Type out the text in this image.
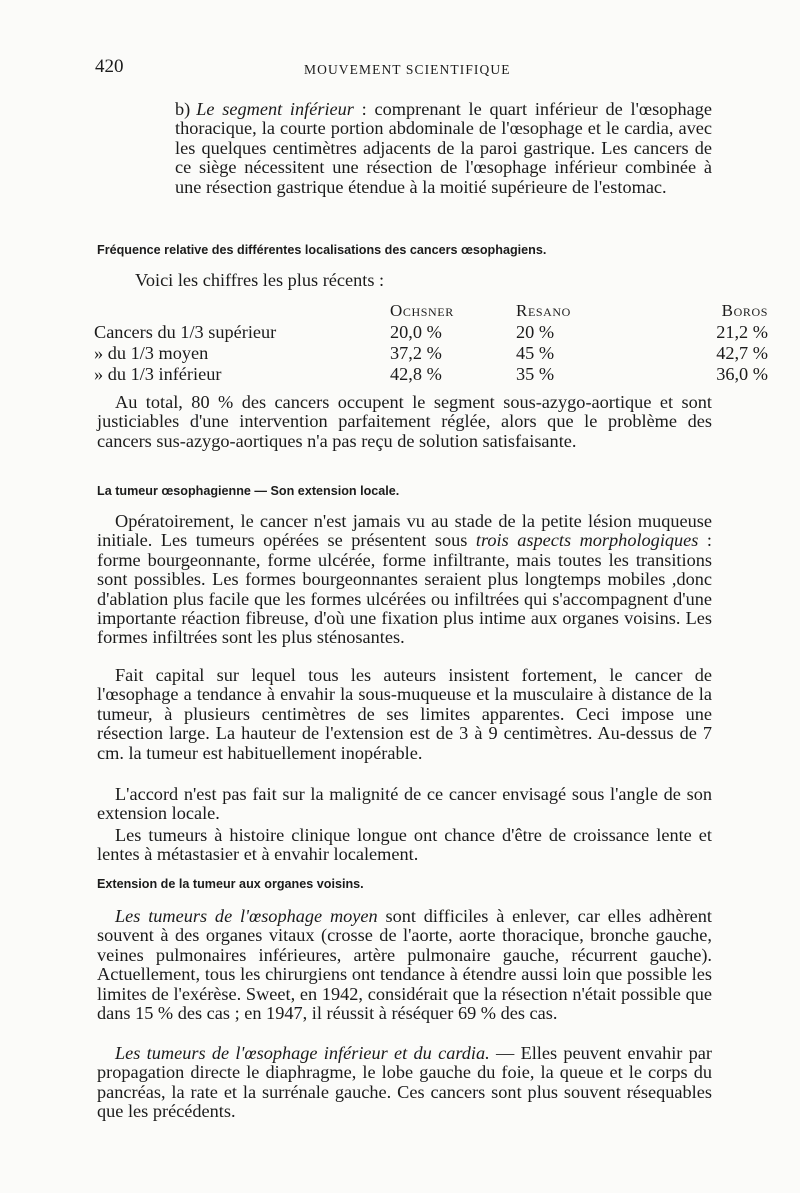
420	MOUVEMENT SCIENTIFIQUE

b) Le segment inférieur : comprenant le quart inférieur de l'œsophage thoracique, la courte portion abdominale de l'œsophage et le cardia, avec les quelques centimètres adjacents de la paroi gastrique. Les cancers de ce siège nécessitent une résection de l'œsophage inférieur combinée à une résection gastrique étendue à la moitié supérieure de l'estomac.

Fréquence relative des différentes localisations des cancers œsophagiens.
Voici les chiffres les plus récents :
	Ochsner	Resano	Boros
Cancers du 1/3 supérieur	20,0 %	20 %	21,2 %
» du 1/3 moyen	37,2 %	45 %	42,7 %
» du 1/3 inférieur	42,8 %	35 %	36,0 %

Au total, 80 % des cancers occupent le segment sous-azygo-aortique et sont justiciables d'une intervention parfaitement réglée, alors que le problème des cancers sus-azygo-aortiques n'a pas reçu de solution satisfaisante.

La tumeur œsophagienne — Son extension locale.

Opératoirement, le cancer n'est jamais vu au stade de la petite lésion muqueuse initiale. Les tumeurs opérées se présentent sous trois aspects morphologiques : forme bourgeonnante, forme ulcérée, forme infiltrante, mais toutes les transitions sont possibles. Les formes bourgeonnantes seraient plus longtemps mobiles ,donc d'ablation plus facile que les formes ulcérées ou infiltrées qui s'accompagnent d'une importante réaction fibreuse, d'où une fixation plus intime aux organes voisins. Les formes infiltrées sont les plus sténosantes.

Fait capital sur lequel tous les auteurs insistent fortement, le cancer de l'œsophage a tendance à envahir la sous-muqueuse et la musculaire à distance de la tumeur, à plusieurs centimètres de ses limites apparentes. Ceci impose une résection large. La hauteur de l'extension est de 3 à 9 centimètres. Au-dessus de 7 cm. la tumeur est habituellement inopérable.

L'accord n'est pas fait sur la malignité de ce cancer envisagé sous l'angle de son extension locale.

Les tumeurs à histoire clinique longue ont chance d'être de croissance lente et lentes à métastasier et à envahir localement.

Extension de la tumeur aux organes voisins.

Les tumeurs de l'œsophage moyen sont difficiles à enlever, car elles adhèrent souvent à des organes vitaux (crosse de l'aorte, aorte thoracique, bronche gauche, veines pulmonaires inférieures, artère pulmonaire gauche, récurrent gauche). Actuellement, tous les chirurgiens ont tendance à étendre aussi loin que possible les limites de l'exérèse. Sweet, en 1942, considérait que la résection n'était possible que dans 15 % des cas ; en 1947, il réussit à réséquer 69 % des cas.

Les tumeurs de l'œsophage inférieur et du cardia. — Elles peuvent envahir par propagation directe le diaphragme, le lobe gauche du foie, la queue et le corps du pancréas, la rate et la surrénale gauche. Ces cancers sont plus souvent résequables que les précédents.
